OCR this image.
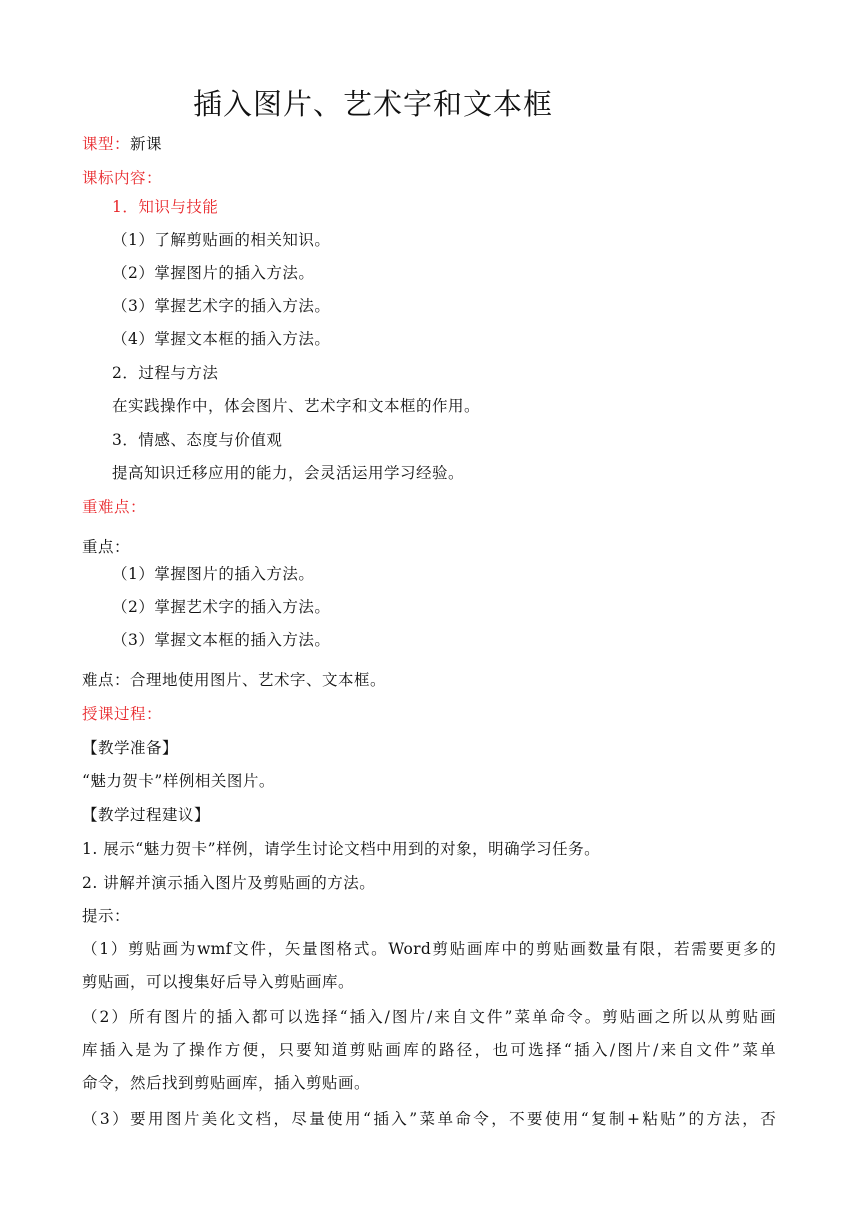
插入图片、艺术字和文本框
课型：新课
课标内容：
1．知识与技能
（1）了解剪贴画的相关知识。
（2）掌握图片的插入方法。
（3）掌握艺术字的插入方法。
（4）掌握文本框的插入方法。
2．过程与方法
在实践操作中，体会图片、艺术字和文本框的作用。
3．情感、态度与价值观
提高知识迁移应用的能力，会灵活运用学习经验。
重难点：
重点：
（1）掌握图片的插入方法。
（2）掌握艺术字的插入方法。
（3）掌握文本框的插入方法。
难点：合理地使用图片、艺术字、文本框。
授课过程：
【教学准备】
“魅力贺卡”样例相关图片。
【教学过程建议】
1. 展示“魅力贺卡”样例，请学生讨论文档中用到的对象，明确学习任务。
2. 讲解并演示插入图片及剪贴画的方法。
提示：
（1）剪贴画为wmf文件，矢量图格式。Word剪贴画库中的剪贴画数量有限，若需要更多的
剪贴画，可以搜集好后导入剪贴画库。
（2）所有图片的插入都可以选择“插入/图片/来自文件”菜单命令。剪贴画之所以从剪贴画
库插入是为了操作方便，只要知道剪贴画库的路径，也可选择“插入/图片/来自文件”菜单
命令，然后找到剪贴画库，插入剪贴画。
（3）要用图片美化文档，尽量使用“插入”菜单命令，不要使用“复制+粘贴”的方法，否
